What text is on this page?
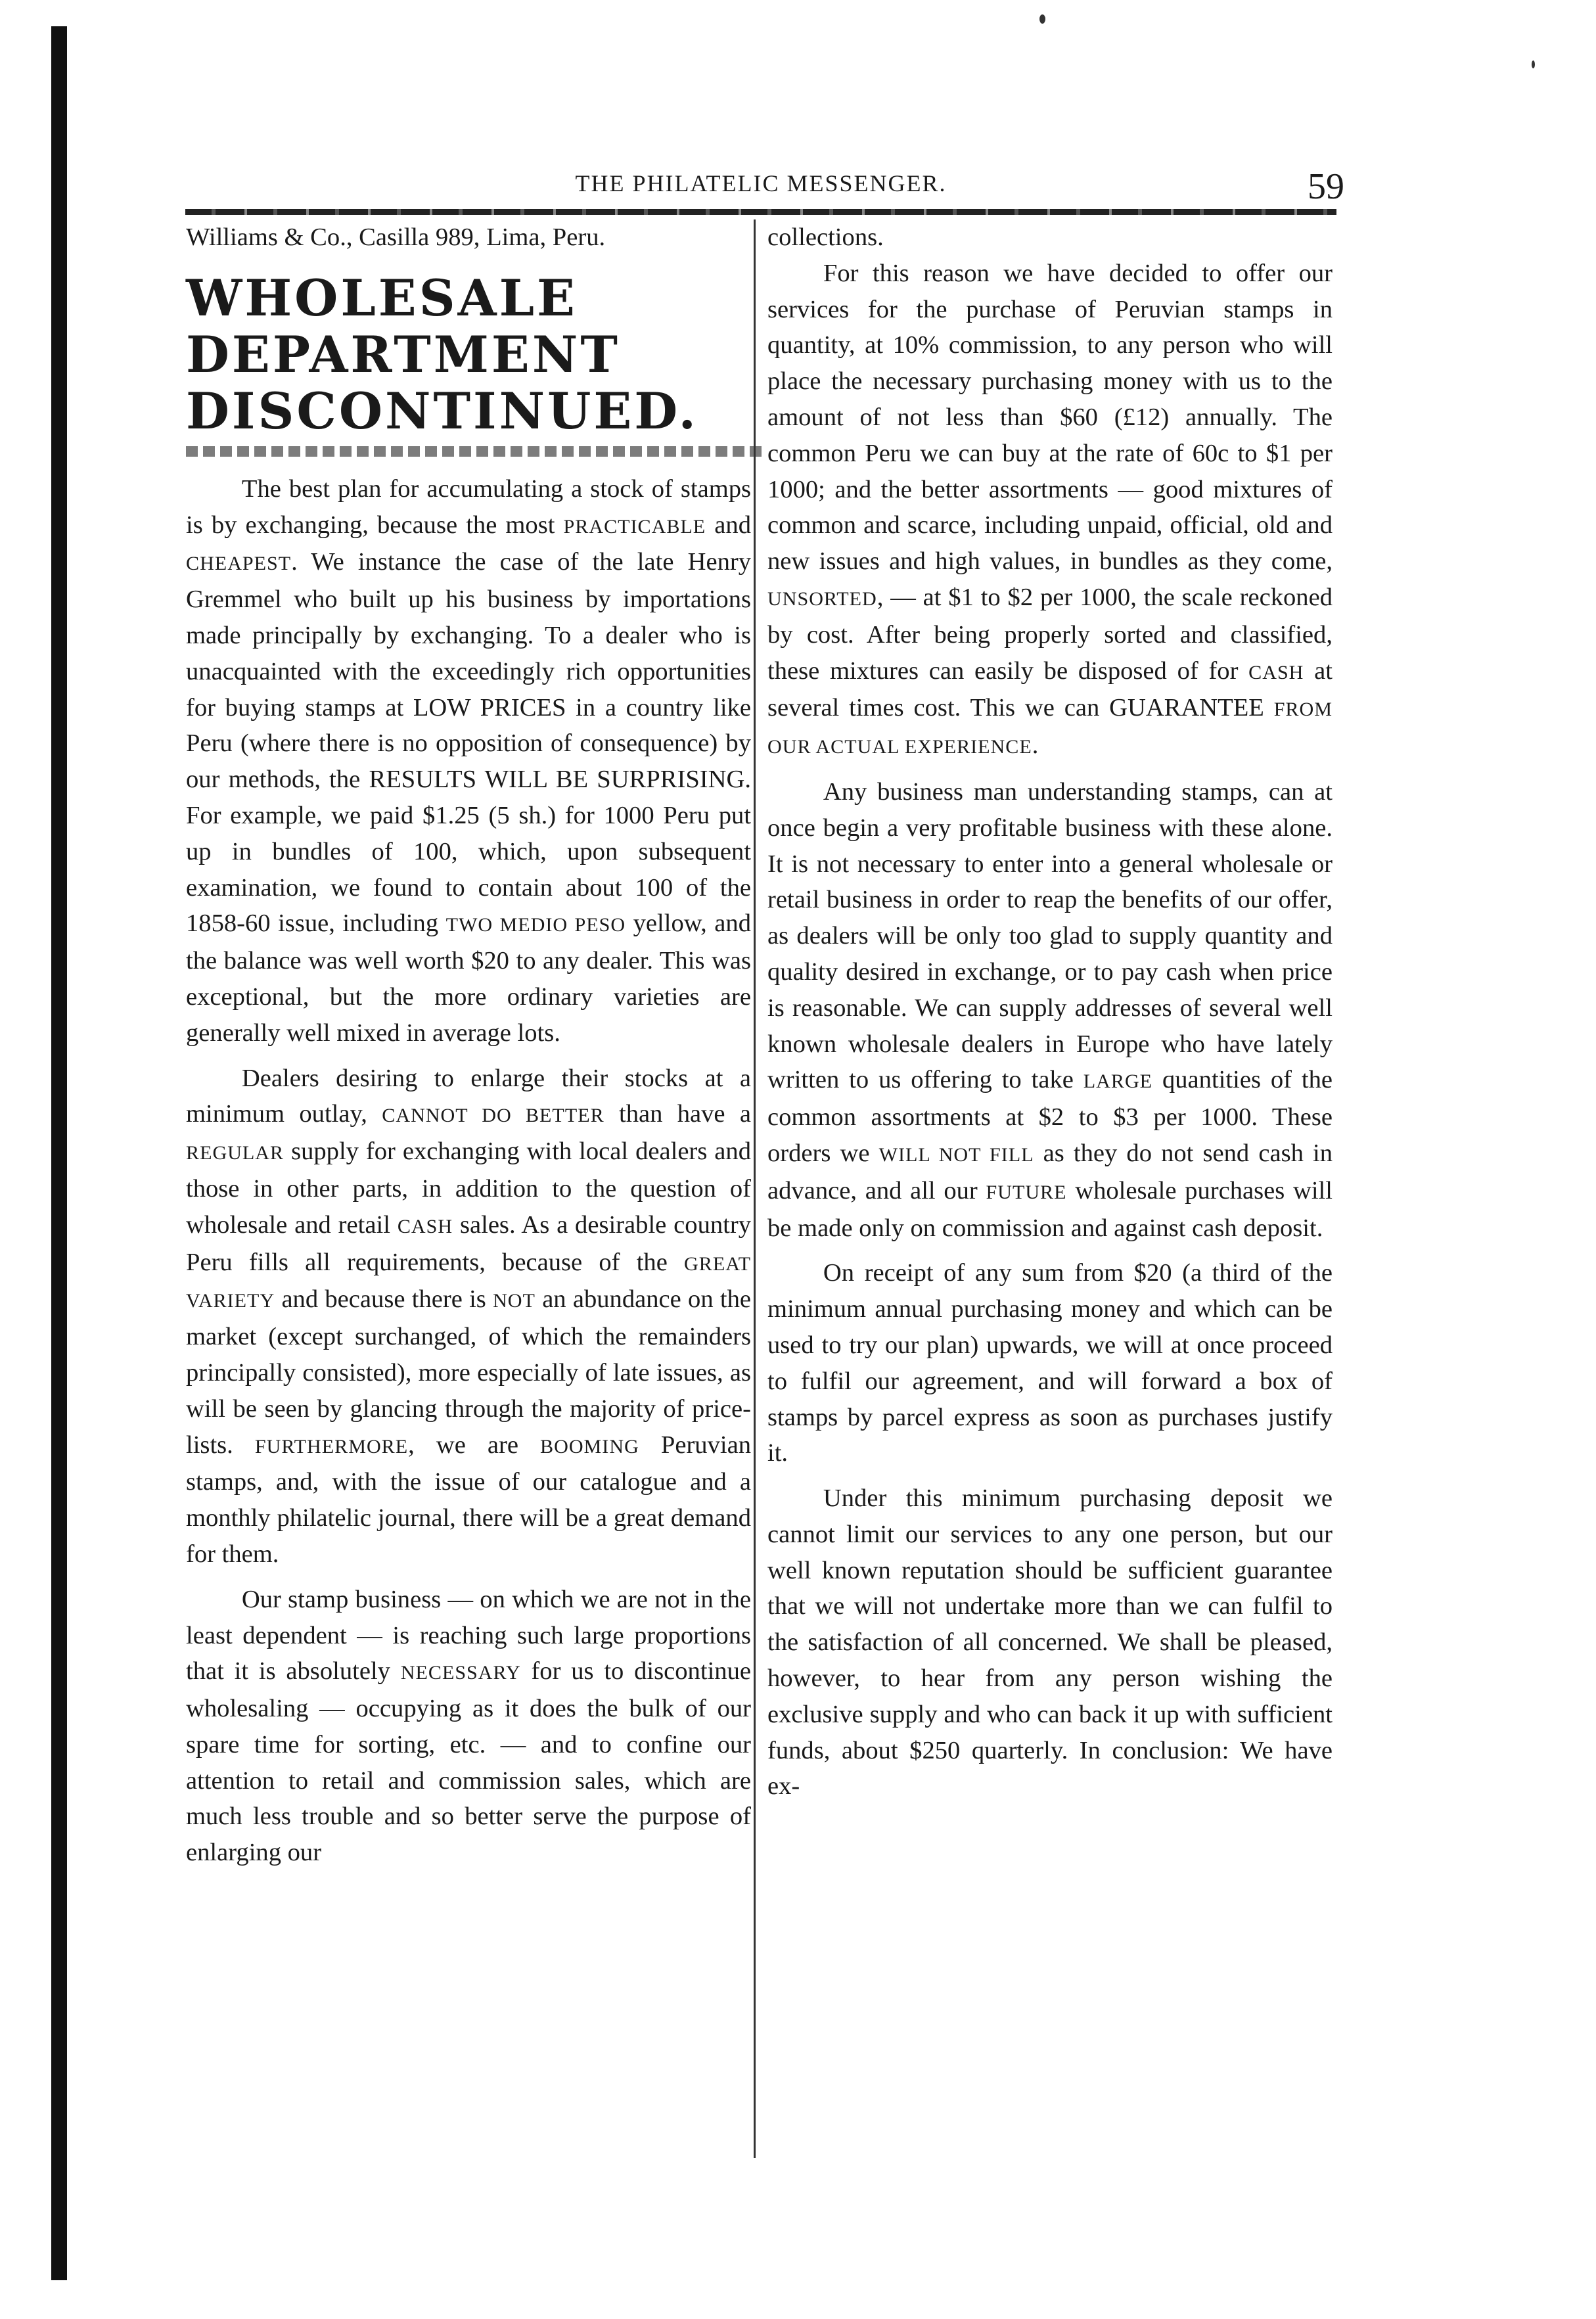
THE PHILATELIC MESSENGER.	59

Williams & Co., Casilla 989, Lima, Peru.

WHOLESALE
DEPARTMENT
DISCONTINUED.

The best plan for accumulating a stock of stamps is by exchanging, because the most PRACTICABLE and CHEAPEST. We instance the case of the late Henry Gremmel who built up his business by importations made principally by exchanging. To a dealer who is unacquainted with the exceedingly rich opportunities for buying stamps at LOW PRICES in a country like Peru (where there is no opposition of consequence) by our methods, the RESULTS WILL BE SURPRISING. For example, we paid $1.25 (5 sh.) for 1000 Peru put up in bundles of 100, which, upon subsequent examination, we found to contain about 100 of the 1858-60 issue, including TWO MEDIO PESO yellow, and the balance was well worth $20 to any dealer. This was exceptional, but the more ordinary varieties are generally well mixed in average lots.

Dealers desiring to enlarge their stocks at a minimum outlay, CANNOT DO BETTER than have a REGULAR supply for exchanging with local dealers and those in other parts, in addition to the question of wholesale and retail CASH sales. As a desirable country Peru fills all requirements, because of the GREAT VARIETY and because there is NOT an abundance on the market (except surchanged, of which the remainders principally consisted), more especially of late issues, as will be seen by glancing through the majority of price-lists. FURTHERMORE, we are BOOMING Peruvian stamps, and, with the issue of our catalogue and a monthly philatelic journal, there will be a great demand for them.

Our stamp business — on which we are not in the least dependent — is reaching such large proportions that it is absolutely NECESSARY for us to discontinue wholesaling — occupying as it does the bulk of our spare time for sorting, etc. — and to confine our attention to retail and commission sales, which are much less trouble and so better serve the purpose of enlarging our

collections.

For this reason we have decided to offer our services for the purchase of Peruvian stamps in quantity, at 10% commission, to any person who will place the necessary purchasing money with us to the amount of not less than $60 (£12) annually. The common Peru we can buy at the rate of 60c to $1 per 1000; and the better assortments — good mixtures of common and scarce, including unpaid, official, old and new issues and high values, in bundles as they come, UNSORTED, — at $1 to $2 per 1000, the scale reckoned by cost. After being properly sorted and classified, these mixtures can easily be disposed of for CASH at several times cost. This we can GUARANTEE FROM OUR ACTUAL EXPERIENCE.

Any business man understanding stamps, can at once begin a very profitable business with these alone. It is not necessary to enter into a general wholesale or retail business in order to reap the benefits of our offer, as dealers will be only too glad to supply quantity and quality desired in exchange, or to pay cash when price is reasonable. We can supply addresses of several well known wholesale dealers in Europe who have lately written to us offering to take LARGE quantities of the common assortments at $2 to $3 per 1000. These orders we WILL NOT FILL as they do not send cash in advance, and all our FUTURE wholesale purchases will be made only on commission and against cash deposit.

On receipt of any sum from $20 (a third of the minimum annual purchasing money and which can be used to try our plan) upwards, we will at once proceed to fulfil our agreement, and will forward a box of stamps by parcel express as soon as purchases justify it.

Under this minimum purchasing deposit we cannot limit our services to any one person, but our well known reputation should be sufficient guarantee that we will not undertake more than we can fulfil to the satisfaction of all concerned. We shall be pleased, however, to hear from any person wishing the exclusive supply and who can back it up with sufficient funds, about $250 quarterly. In conclusion: We have ex-
